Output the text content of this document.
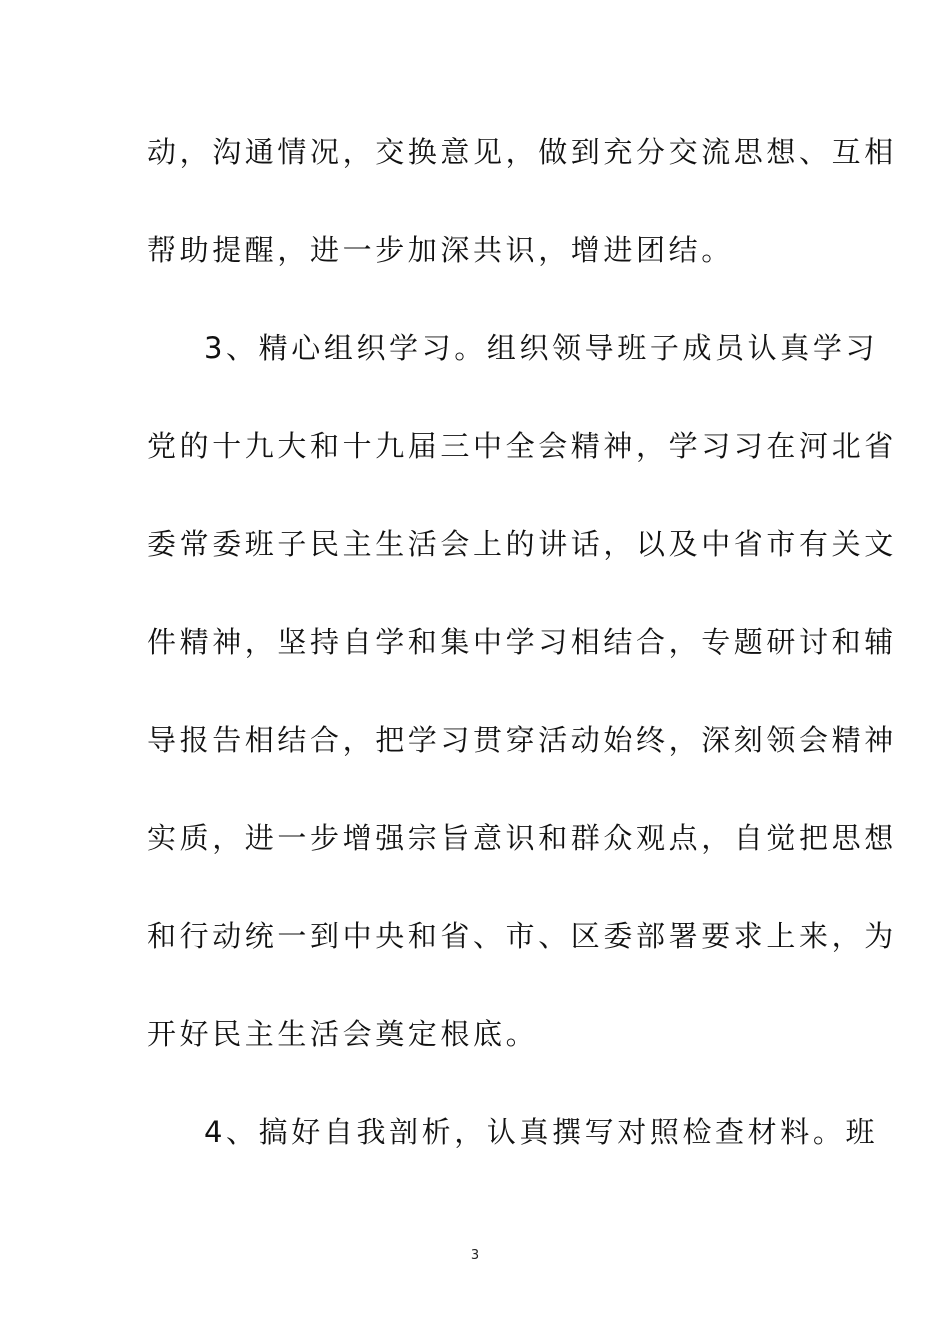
动，沟通情况，交换意见，做到充分交流思想、互相
帮助提醒，进一步加深共识，增进团结。
3、精心组织学习。组织领导班子成员认真学习
党的十九大和十九届三中全会精神，学习习在河北省
委常委班子民主生活会上的讲话，以及中省市有关文
件精神，坚持自学和集中学习相结合，专题研讨和辅
导报告相结合，把学习贯穿活动始终，深刻领会精神
实质，进一步增强宗旨意识和群众观点，自觉把思想
和行动统一到中央和省、市、区委部署要求上来，为
开好民主生活会奠定根底。
4、搞好自我剖析，认真撰写对照检查材料。班
3
